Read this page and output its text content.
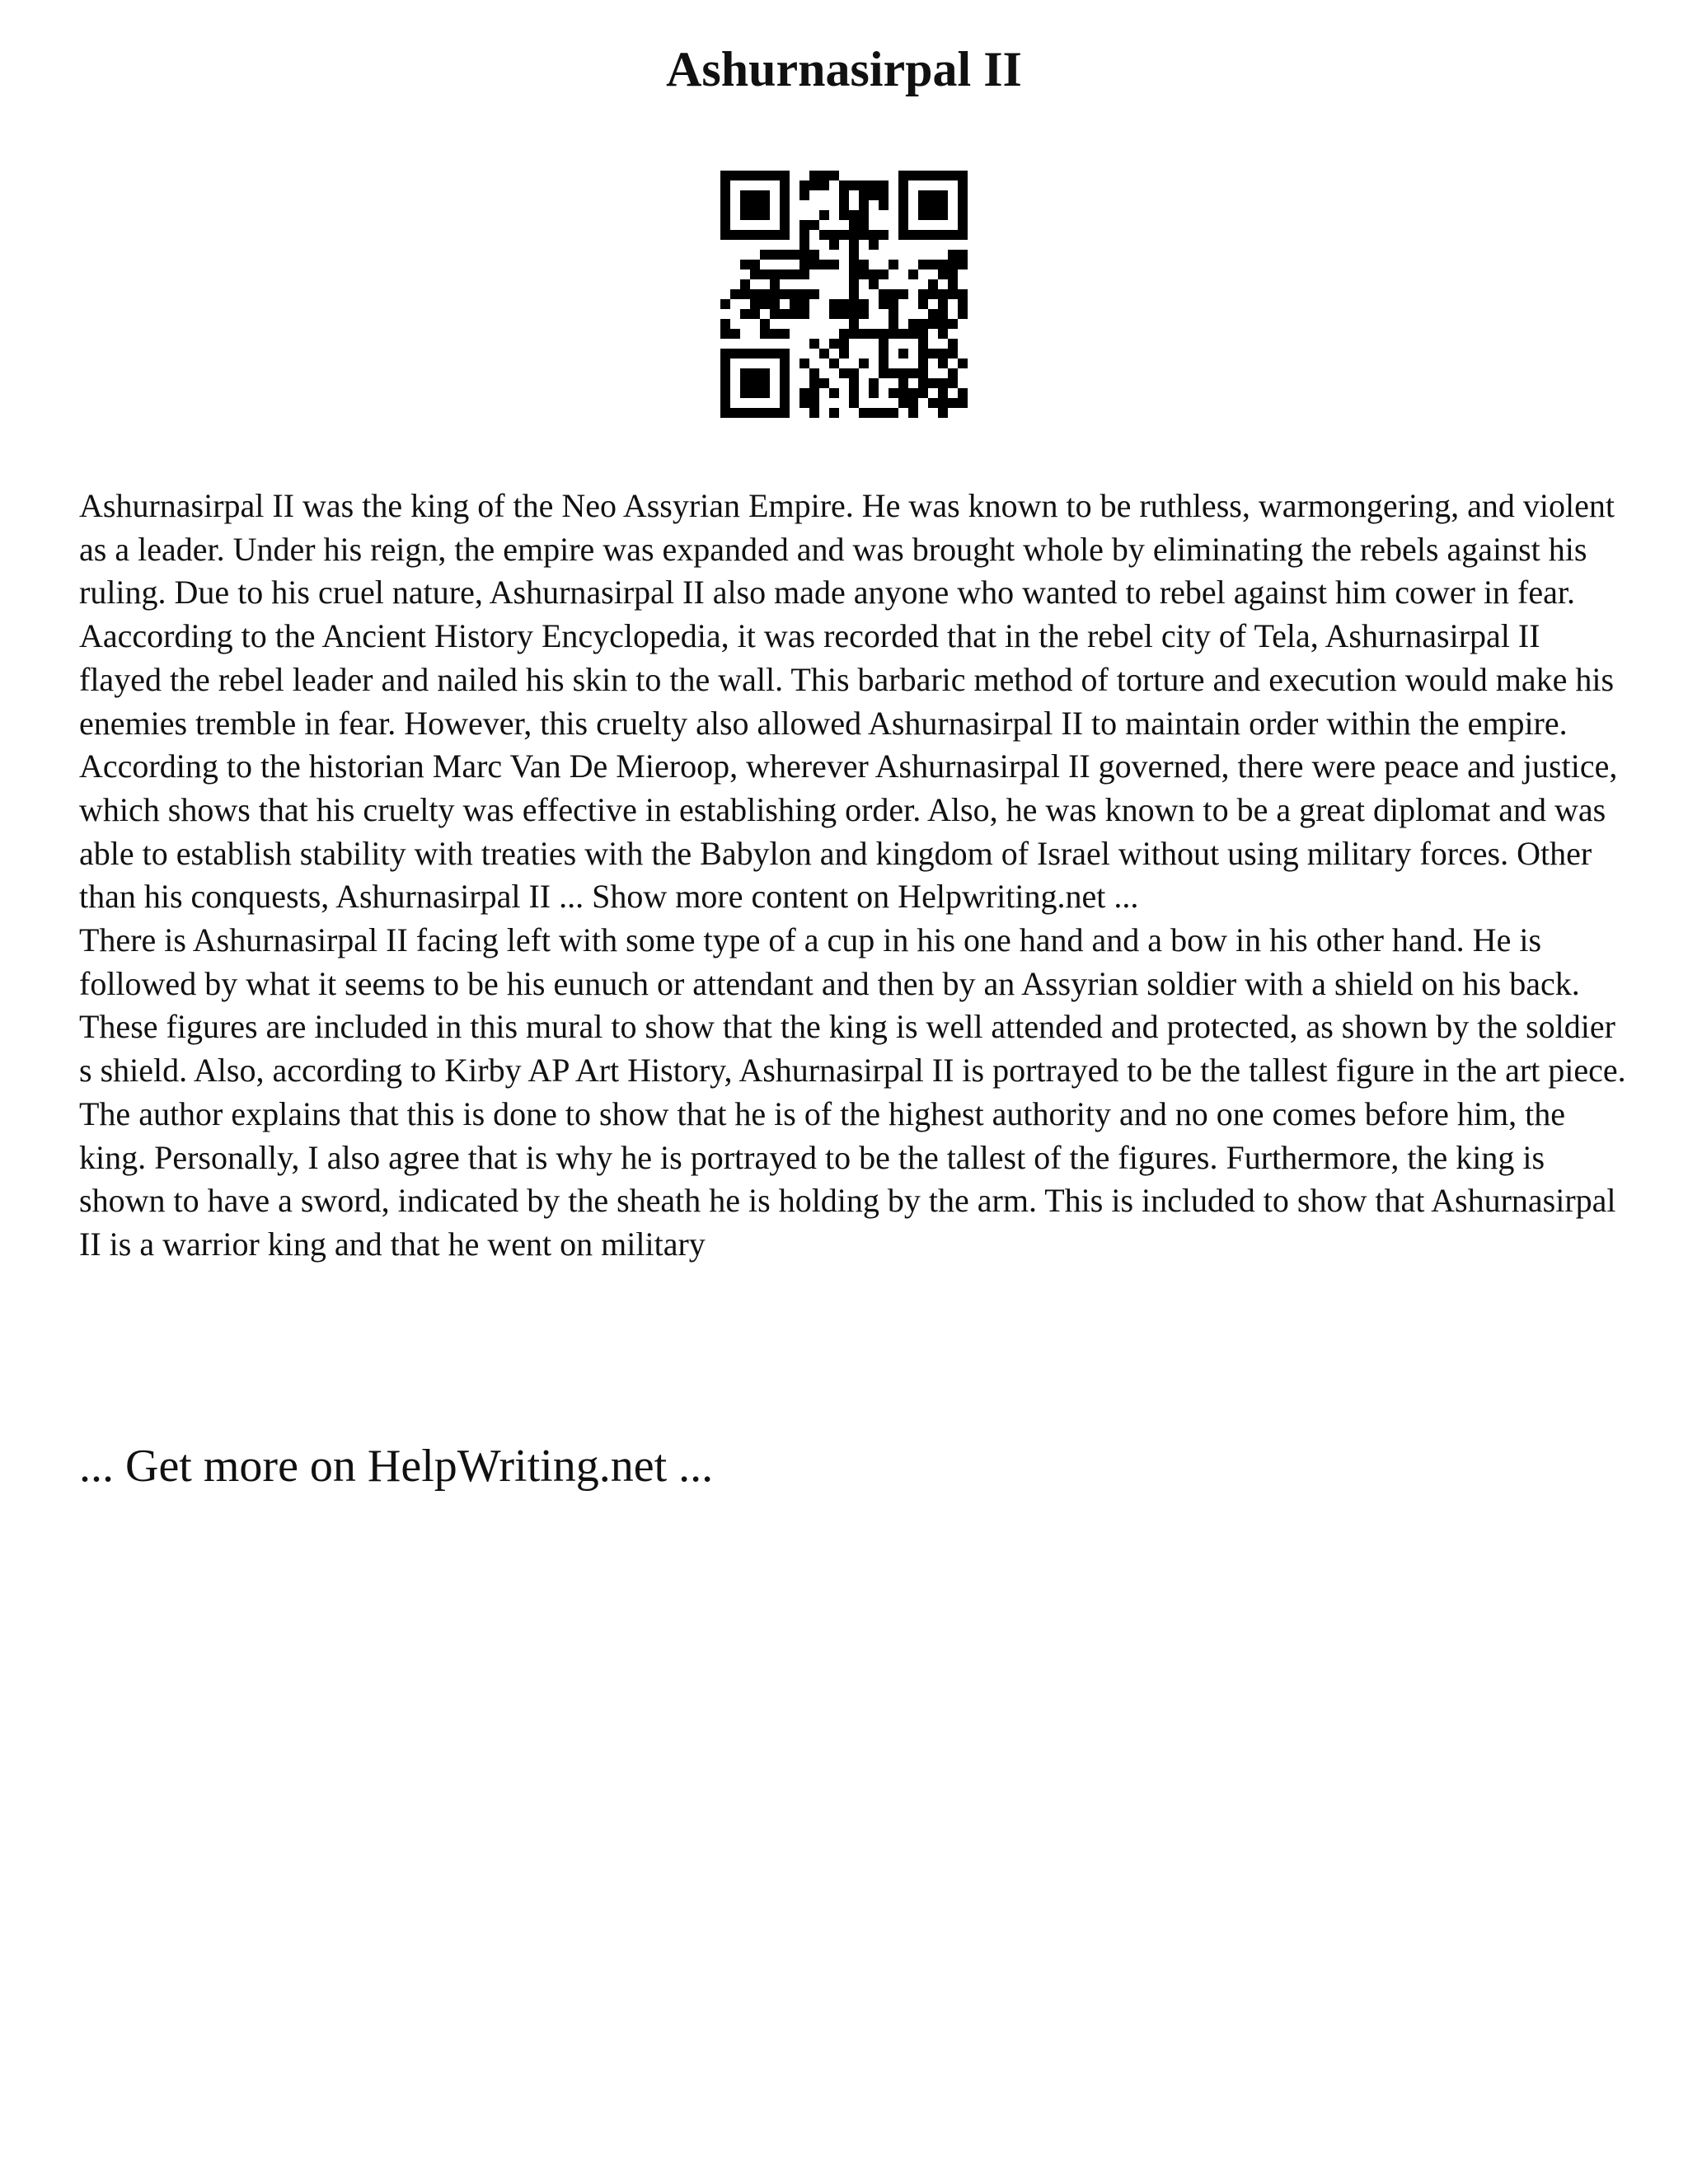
Ashurnasirpal II

Ashurnasirpal II was the king of the Neo Assyrian Empire. He was known to be ruthless, warmongering, and violent as a leader. Under his reign, the empire was expanded and was brought whole by eliminating the rebels against his ruling. Due to his cruel nature, Ashurnasirpal II also made anyone who wanted to rebel against him cower in fear. Aaccording to the Ancient History Encyclopedia, it was recorded that in the rebel city of Tela, Ashurnasirpal II flayed the rebel leader and nailed his skin to the wall. This barbaric method of torture and execution would make his enemies tremble in fear. However, this cruelty also allowed Ashurnasirpal II to maintain order within the empire. According to the historian Marc Van De Mieroop, wherever Ashurnasirpal II governed, there were peace and justice, which shows that his cruelty was effective in establishing order. Also, he was known to be a great diplomat and was able to establish stability with treaties with the Babylon and kingdom of Israel without using military forces. Other than his conquests, Ashurnasirpal II ... Show more content on Helpwriting.net ...

There is Ashurnasirpal II facing left with some type of a cup in his one hand and a bow in his other hand. He is followed by what it seems to be his eunuch or attendant and then by an Assyrian soldier with a shield on his back. These figures are included in this mural to show that the king is well attended and protected, as shown by the soldier s shield. Also, according to Kirby AP Art History, Ashurnasirpal II is portrayed to be the tallest figure in the art piece. The author explains that this is done to show that he is of the highest authority and no one comes before him, the king. Personally, I also agree that is why he is portrayed to be the tallest of the figures. Furthermore, the king is shown to have a sword, indicated by the sheath he is holding by the arm. This is included to show that Ashurnasirpal II is a warrior king and that he went on military

... Get more on HelpWriting.net ...
